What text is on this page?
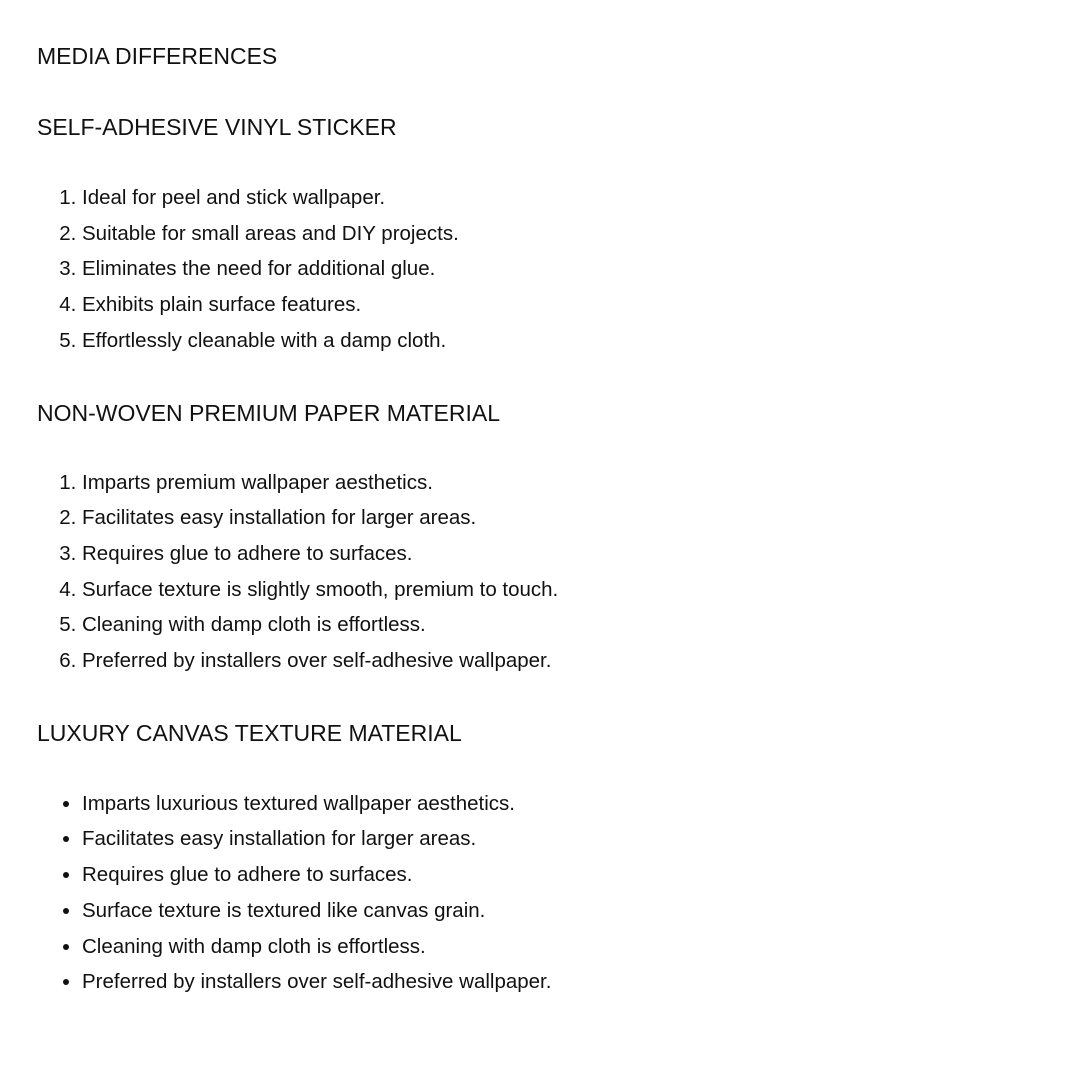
MEDIA DIFFERENCES
SELF-ADHESIVE VINYL STICKER
1. Ideal for peel and stick wallpaper.
2. Suitable for small areas and DIY projects.
3. Eliminates the need for additional glue.
4. Exhibits plain surface features.
5. Effortlessly cleanable with a damp cloth.
NON-WOVEN PREMIUM PAPER MATERIAL
1. Imparts premium wallpaper aesthetics.
2. Facilitates easy installation for larger areas.
3. Requires glue to adhere to surfaces.
4. Surface texture is slightly smooth, premium to touch.
5. Cleaning with damp cloth is effortless.
6. Preferred by installers over self-adhesive wallpaper.
LUXURY CANVAS TEXTURE MATERIAL
• Imparts luxurious textured wallpaper aesthetics.
• Facilitates easy installation for larger areas.
• Requires glue to adhere to surfaces.
• Surface texture is textured like canvas grain.
• Cleaning with damp cloth is effortless.
• Preferred by installers over self-adhesive wallpaper.
